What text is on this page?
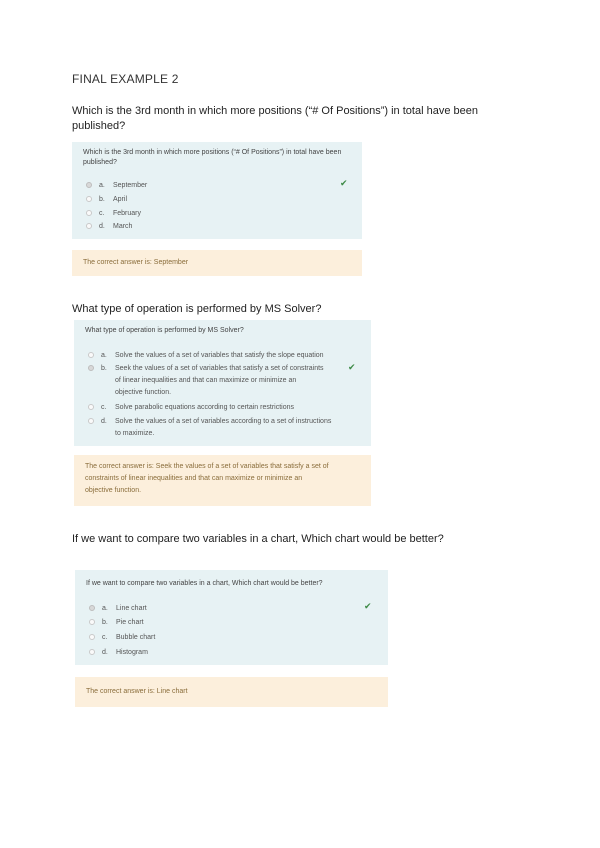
FINAL EXAMPLE 2
Which is the 3rd month in which more positions (“# Of Positions”) in total have been published?
Which is the 3rd month in which more positions (“# Of Positions”) in total have been published?
a.	September
b.	April
c.	February
d.	March
✔
The correct answer is: September
What type of operation is performed by MS Solver?
What type of operation is performed by MS Solver?
a.	Solve the values of a set of variables that satisfy the slope equation
b.	Seek the values of a set of variables that satisfy a set of constraints
of linear inequalities and that can maximize or minimize an
objective function.
c.	Solve parabolic equations according to certain restrictions
d.	Solve the values of a set of variables according to a set of instructions
to maximize.
✔
The correct answer is: Seek the values of a set of variables that satisfy a set of
constraints of linear inequalities and that can maximize or minimize an
objective function.
If we want to compare two variables in a chart, Which chart would be better?
If we want to compare two variables in a chart, Which chart would be better?
a.	Line chart
b.	Pie chart
c.	Bubble chart
d.	Histogram
✔
The correct answer is: Line chart
